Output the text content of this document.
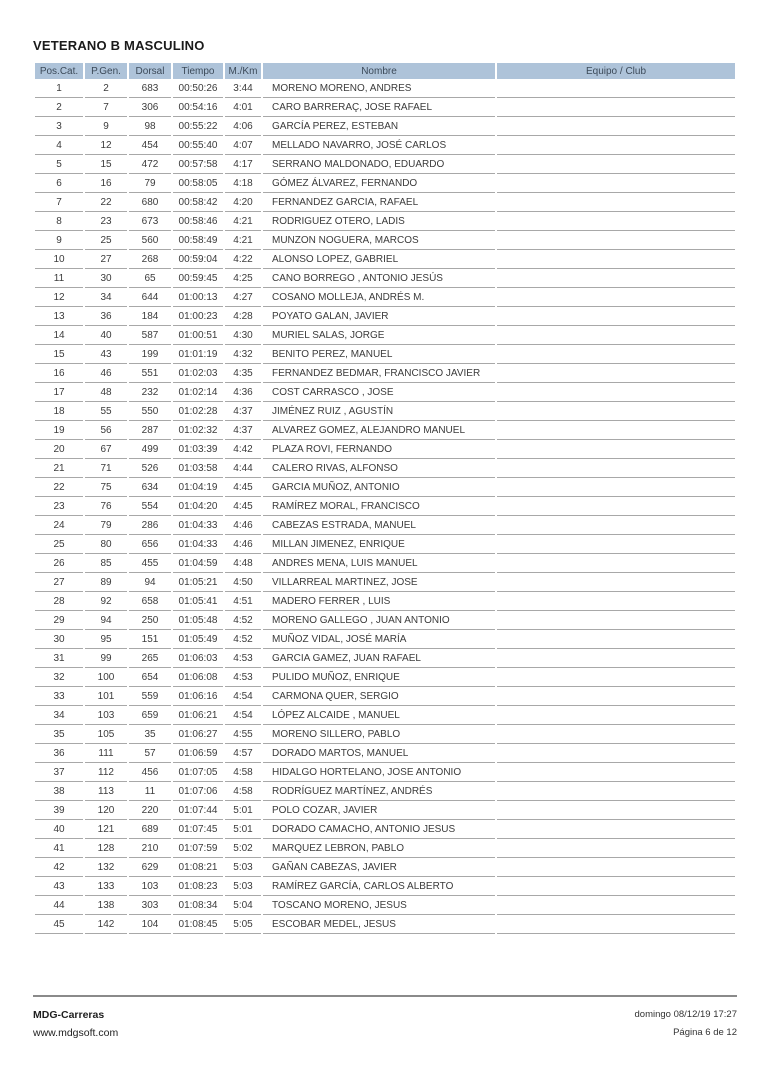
VETERANO B MASCULINO
Pos.Cat.	P.Gen.	Dorsal	Tiempo	M./Km	Nombre	Equipo / Club
1	2	683	00:50:26	3:44	MORENO MORENO, ANDRES	
2	7	306	00:54:16	4:01	CARO BARRERAÇ, JOSE RAFAEL	
3	9	98	00:55:22	4:06	GARCÍA PEREZ, ESTEBAN	
4	12	454	00:55:40	4:07	MELLADO NAVARRO, JOSÉ CARLOS	
5	15	472	00:57:58	4:17	SERRANO MALDONADO, EDUARDO	
6	16	79	00:58:05	4:18	GÓMEZ ÁLVAREZ, FERNANDO	
7	22	680	00:58:42	4:20	FERNANDEZ GARCIA, RAFAEL	
8	23	673	00:58:46	4:21	RODRIGUEZ OTERO, LADIS	
9	25	560	00:58:49	4:21	MUNZON NOGUERA, MARCOS	
10	27	268	00:59:04	4:22	ALONSO LOPEZ, GABRIEL	
11	30	65	00:59:45	4:25	CANO BORREGO , ANTONIO JESÚS	
12	34	644	01:00:13	4:27	COSANO MOLLEJA, ANDRÉS M.	
13	36	184	01:00:23	4:28	POYATO GALAN, JAVIER	
14	40	587	01:00:51	4:30	MURIEL SALAS, JORGE	
15	43	199	01:01:19	4:32	BENITO PEREZ, MANUEL	
16	46	551	01:02:03	4:35	FERNANDEZ BEDMAR, FRANCISCO JAVIER	
17	48	232	01:02:14	4:36	COST CARRASCO , JOSE	
18	55	550	01:02:28	4:37	JIMÉNEZ RUIZ , AGUSTÍN	
19	56	287	01:02:32	4:37	ALVAREZ GOMEZ, ALEJANDRO MANUEL	
20	67	499	01:03:39	4:42	PLAZA ROVI, FERNANDO	
21	71	526	01:03:58	4:44	CALERO RIVAS, ALFONSO	
22	75	634	01:04:19	4:45	GARCIA MUÑOZ, ANTONIO	
23	76	554	01:04:20	4:45	RAMÍREZ MORAL, FRANCISCO	
24	79	286	01:04:33	4:46	CABEZAS ESTRADA, MANUEL	
25	80	656	01:04:33	4:46	MILLAN JIMENEZ, ENRIQUE	
26	85	455	01:04:59	4:48	ANDRES MENA, LUIS MANUEL	
27	89	94	01:05:21	4:50	VILLARREAL MARTINEZ, JOSE	
28	92	658	01:05:41	4:51	MADERO FERRER , LUIS	
29	94	250	01:05:48	4:52	MORENO GALLEGO , JUAN ANTONIO	
30	95	151	01:05:49	4:52	MUÑOZ VIDAL, JOSÉ MARÍA	
31	99	265	01:06:03	4:53	GARCIA GAMEZ, JUAN RAFAEL	
32	100	654	01:06:08	4:53	PULIDO MUÑOZ, ENRIQUE	
33	101	559	01:06:16	4:54	CARMONA QUER, SERGIO	
34	103	659	01:06:21	4:54	LÓPEZ ALCAIDE , MANUEL	
35	105	35	01:06:27	4:55	MORENO SILLERO, PABLO	
36	111	57	01:06:59	4:57	DORADO MARTOS, MANUEL	
37	112	456	01:07:05	4:58	HIDALGO HORTELANO, JOSE ANTONIO	
38	113	11	01:07:06	4:58	RODRÍGUEZ MARTÍNEZ, ANDRÉS	
39	120	220	01:07:44	5:01	POLO COZAR, JAVIER	
40	121	689	01:07:45	5:01	DORADO CAMACHO, ANTONIO JESUS	
41	128	210	01:07:59	5:02	MARQUEZ LEBRON, PABLO	
42	132	629	01:08:21	5:03	GAÑAN CABEZAS, JAVIER	
43	133	103	01:08:23	5:03	RAMÍREZ GARCÍA, CARLOS ALBERTO	
44	138	303	01:08:34	5:04	TOSCANO MORENO, JESUS	
45	142	104	01:08:45	5:05	ESCOBAR MEDEL, JESUS	
MDG-Carreras
www.mdgsoft.com
domingo 08/12/19 17:27
Página 6 de 12
